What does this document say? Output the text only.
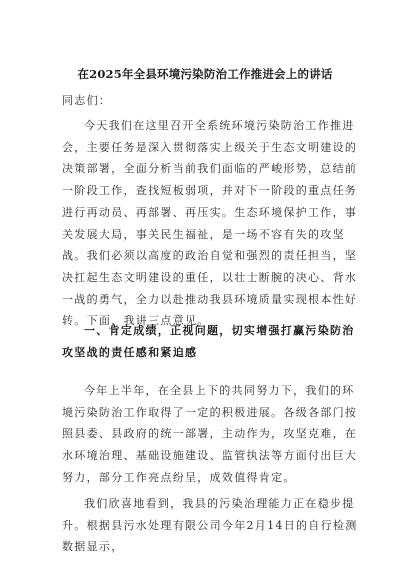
在2025年全县环境污染防治工作推进会上的讲话
同志们：

今天我们在这里召开全系统环境污染防治工作推进会，主要任务是深入贯彻落实上级关于生态文明建设的决策部署，全面分析当前我们面临的严峻形势，总结前一阶段工作，查找短板弱项，并对下一阶段的重点任务进行再动员、再部署、再压实。生态环境保护工作，事关发展大局，事关民生福祉，是一场不容有失的攻坚战。我们必须以高度的政治自觉和强烈的责任担当，坚决扛起生态文明建设的重任，以壮士断腕的决心、背水一战的勇气，全力以赴推动我县环境质量实现根本性好转。下面，我讲三点意见。

一、肯定成绩，正视问题，切实增强打赢污染防治攻坚战的责任感和紧迫感

今年上半年，在全县上下的共同努力下，我们的环境污染防治工作取得了一定的积极进展。各级各部门按照县委、县政府的统一部署，主动作为，攻坚克难，在水环境治理、基础设施建设、监管执法等方面付出巨大努力，部分工作亮点纷呈，成效值得肯定。

我们欣喜地看到，我县的污染治理能力正在稳步提升。根据县污水处理有限公司今年2月14日的自行检测数据显示，
